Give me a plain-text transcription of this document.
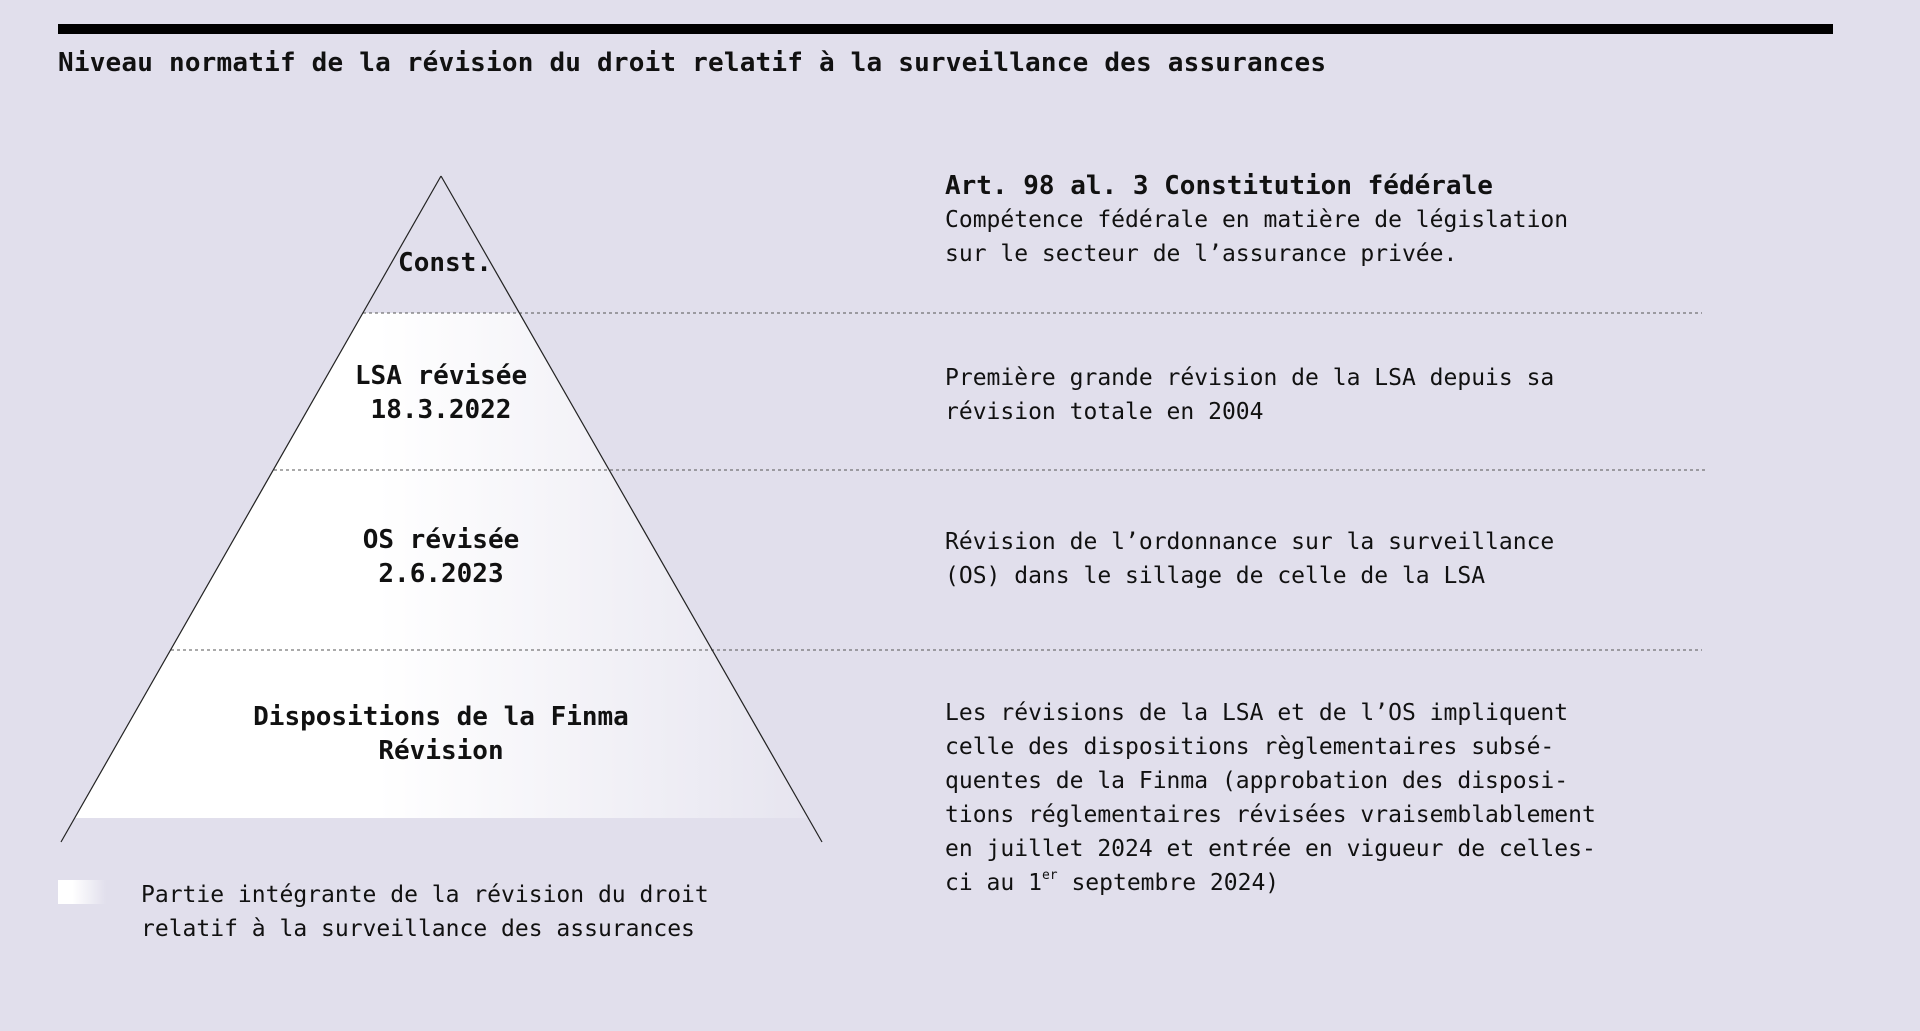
Niveau normatif de la révision du droit relatif à la surveillance des assurances
Const.
LSA révisée
18.3.2022
OS révisée
2.6.2023
Dispositions de la Finma
Révision
Art. 98 al. 3 Constitution fédérale
Compétence fédérale en matière de législation
sur le secteur de l’assurance privée.
Première grande révision de la LSA depuis sa
révision totale en 2004
Révision de l’ordonnance sur la surveillance
(OS) dans le sillage de celle de la LSA
Les révisions de la LSA et de l’OS impliquent
celle des dispositions règlementaires subsé-
quentes de la Finma (approbation des disposi-
tions réglementaires révisées vraisemblablement
en juillet 2024 et entrée en vigueur de celles-
ci au 1er septembre 2024)
Partie intégrante de la révision du droit
relatif à la surveillance des assurances
